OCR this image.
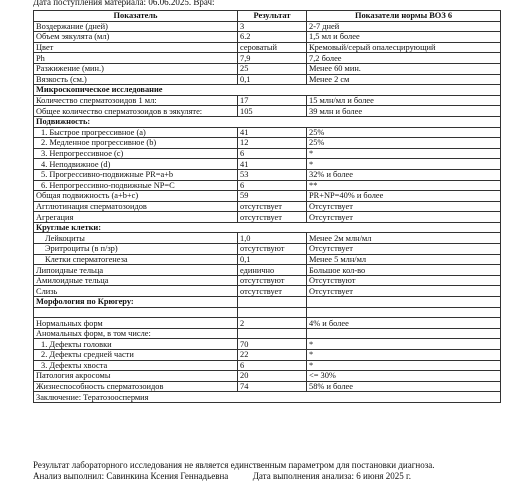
Дата поступления материала: 06.06.2025. Врач:
Показатель	Результат	Показатели нормы ВОЗ 6
Воздержание (дней)	3	2-7 дней
Объем эякулята (мл)	6.2	1,5 мл и более
Цвет	сероватый	Кремовый/серый опалесцирующий
Ph	7,9	7,2 более
Разжижение (мин.)	25	Менее 60 мин.
Вязкость (см.)	0,1	Менее 2 см
Микроскопическое исследование		
Количество сперматозоидов 1 мл:	17	15 млн/мл и более
Общее количество сперматозоидов в эякуляте:	105	39 млн и более
Подвижность:		
1. Быстрое прогрессивное (а)	41	25%
2. Медленное прогрессивное (b)	12	25%
3. Непрогрессивное (с)	6	*
4. Неподвижное (d)	41	*
5. Прогрессивно-подвижные PR=a+b	53	32% и более
6. Непрогрессивно-подвижные NP=C	6	**
Общая подвижность (a+b+c)	59	PR+NP=40% и более
Агглютинация сперматозоидов	отсутствует	Отсутствует
Агрегация	отсутствует	Отсутствует
Круглые клетки:		
Лейкоциты	1,0	Менее 2м млн/мл
Эритроциты (в п/зр)	отсутствуют	Отсутствует
Клетки сперматогенеза	0,1	Менее 5 млн/мл
Липоидные тельца	единично	Большое кол-во
Амилоидные тельца	отсутствуют	Отсутствуют
Слизь	отсутствует	Отсутствует
Морфология по Крюгеру:		

Нормальных форм	2	4% и более
Аномальных форм, в том числе:		
1. Дефекты головки	70	*
2. Дефекты средней части	22	*
3. Дефекты хвоста	6	*
Патология акросомы	20	<= 30%
Жизнеспособность сперматозоидов	74	58% и более
Заключение: Тератозооспермия		
Результат лабораторного исследования не является единственным параметром для постановки диагноза.
Анализ выполнил: Савинкина Ксения Геннадьевна	Дата выполнения анализа: 6 июня 2025 г.
